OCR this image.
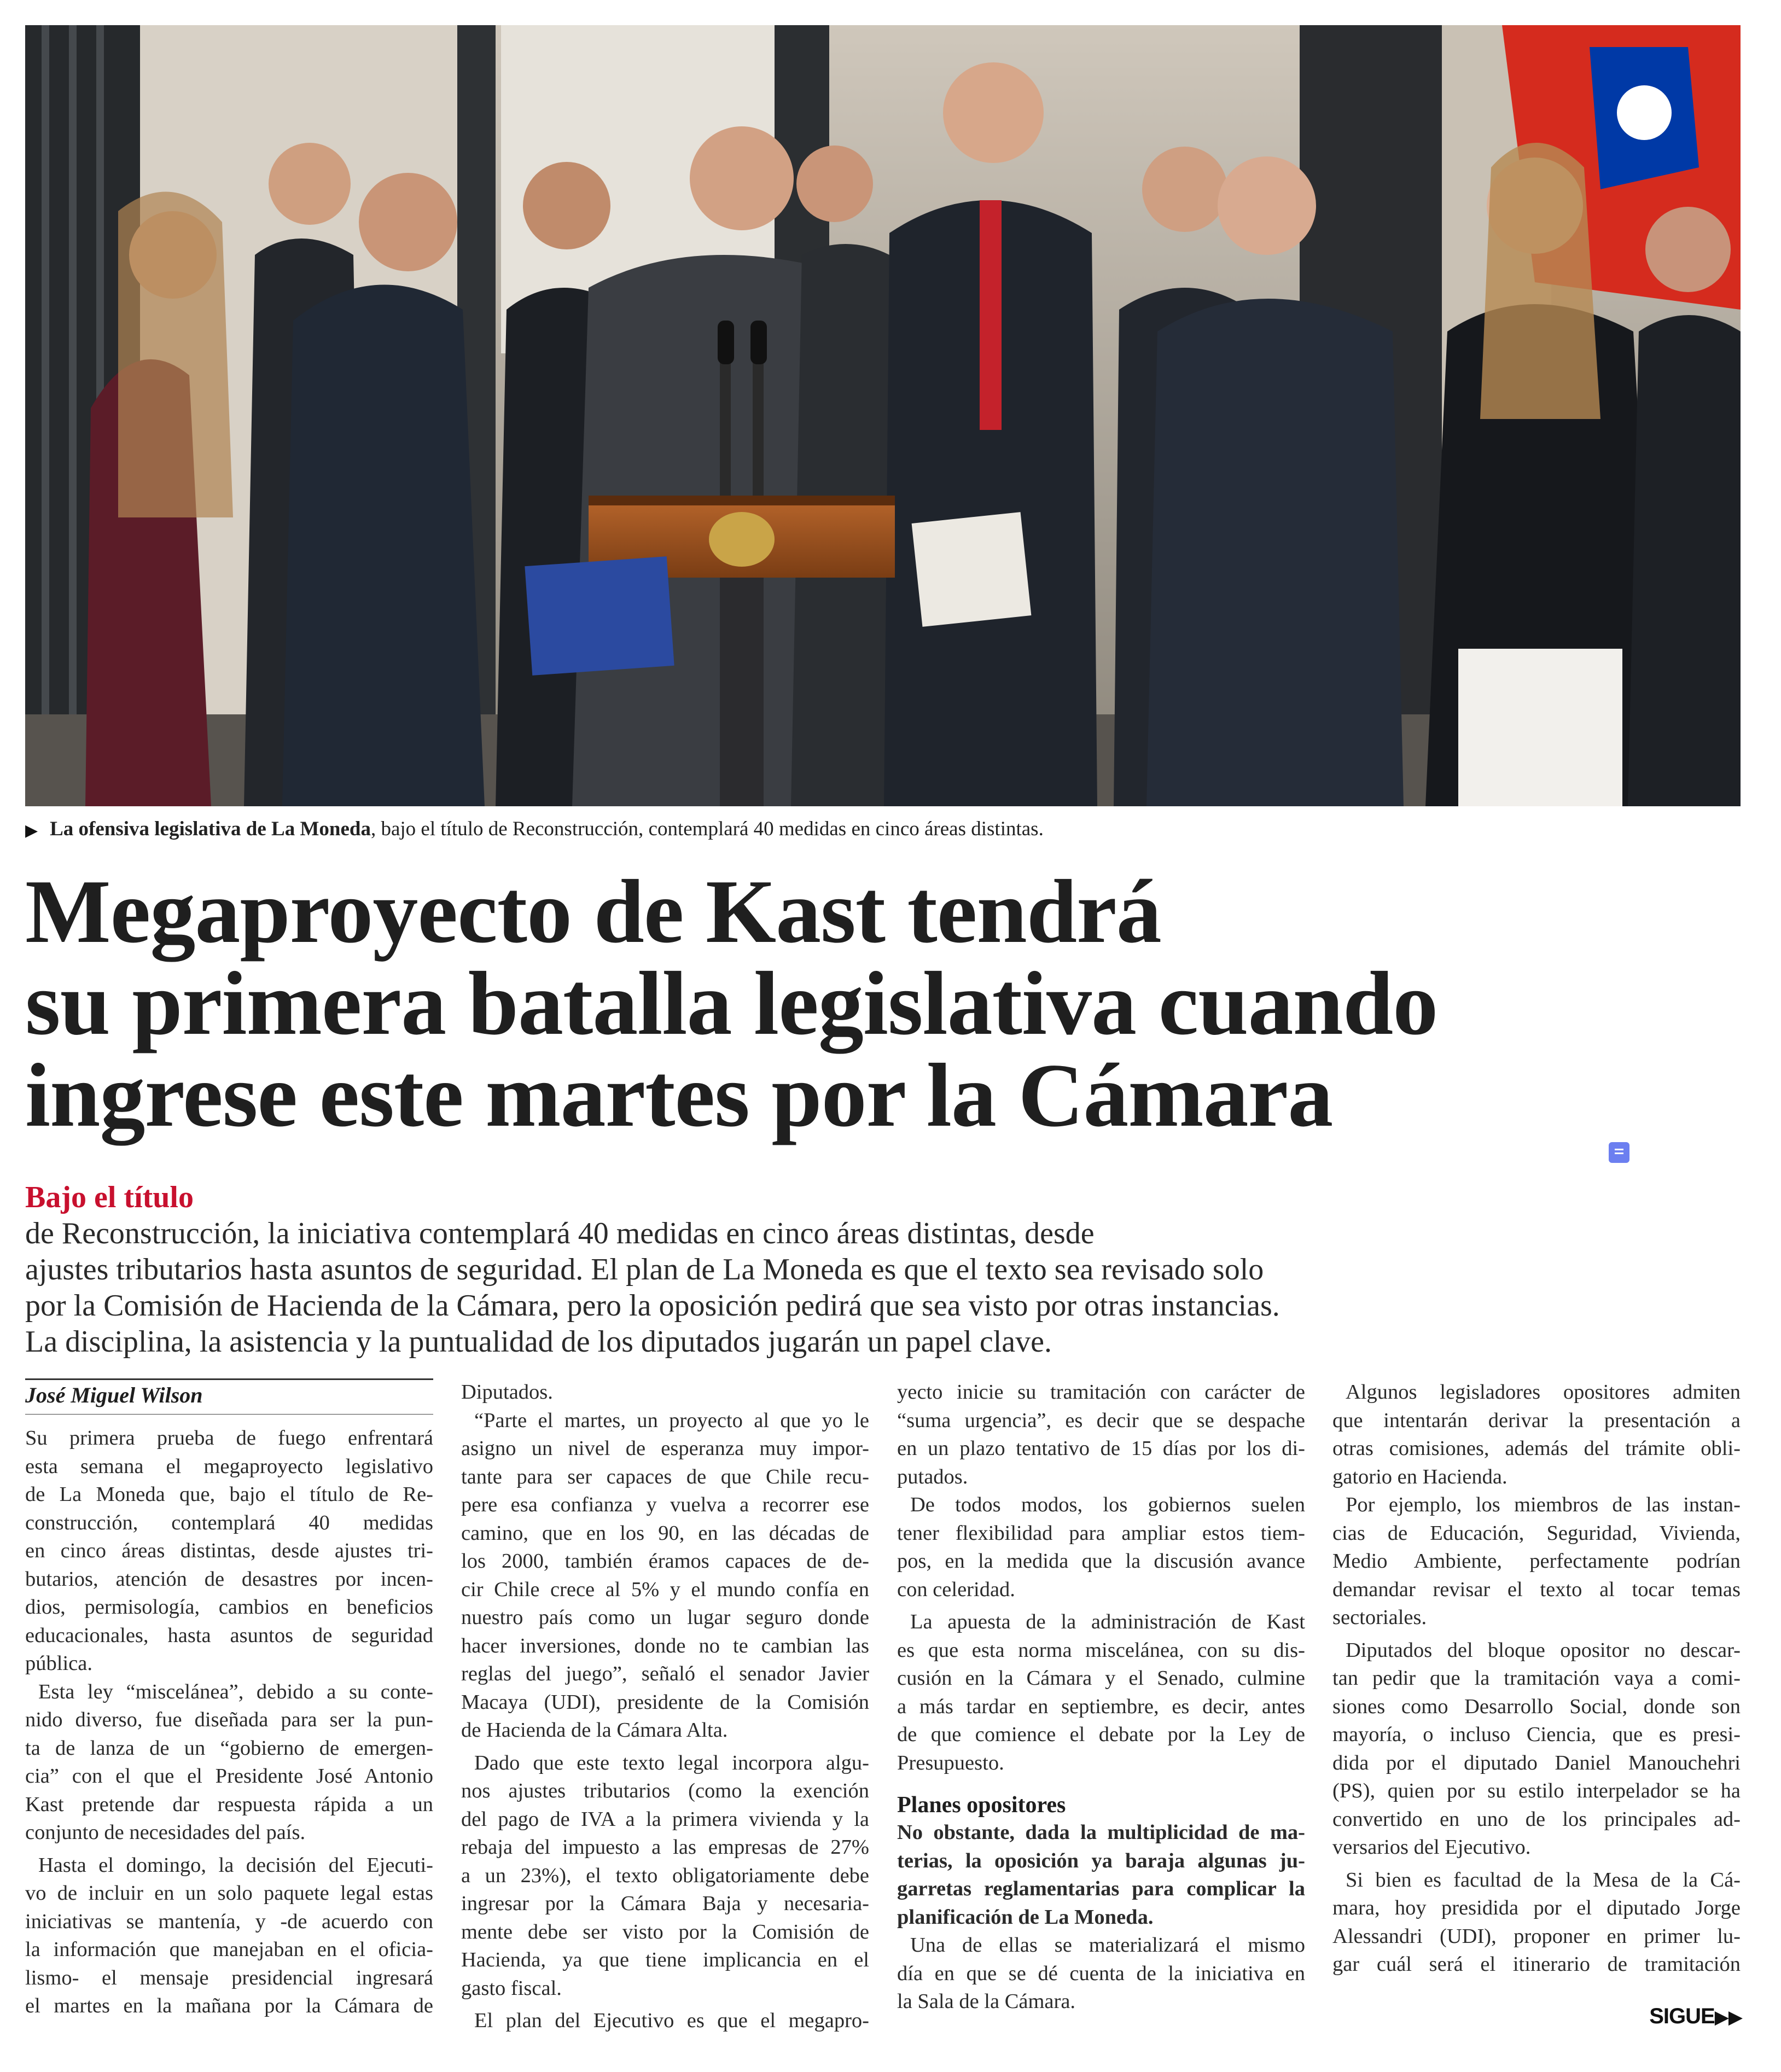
▶ La ofensiva legislativa de La Moneda, bajo el título de Reconstrucción, contemplará 40 medidas en cinco áreas distintas.
Megaproyecto de Kast tendrá
su primera batalla legislativa cuando
ingrese este martes por la Cámara
Bajo el título
de Reconstrucción, la iniciativa contemplará 40 medidas en cinco áreas distintas, desde
ajustes tributarios hasta asuntos de seguridad. El plan de La Moneda es que el texto sea revisado solo
por la Comisión de Hacienda de la Cámara, pero la oposición pedirá que sea visto por otras instancias.
La disciplina, la asistencia y la puntualidad de los diputados jugarán un papel clave.
José Miguel Wilson

Su primera prueba de fuego enfrentará
esta semana el megaproyecto legislativo
de La Moneda que, bajo el título de Re-
construcción, contemplará 40 medidas
en cinco áreas distintas, desde ajustes tri-
butarios, atención de desastres por incen-
dios, permisología, cambios en beneficios
educacionales, hasta asuntos de seguridad
pública.

Esta ley “miscelánea”, debido a su conte-
nido diverso, fue diseñada para ser la pun-
ta de lanza de un “gobierno de emergen-
cia” con el que el Presidente José Antonio
Kast pretende dar respuesta rápida a un
conjunto de necesidades del país.

Hasta el domingo, la decisión del Ejecuti-
vo de incluir en un solo paquete legal estas
iniciativas se mantenía, y -de acuerdo con
la información que manejaban en el oficia-
lismo- el mensaje presidencial ingresará
el martes en la mañana por la Cámara de

Diputados.

“Parte el martes, un proyecto al que yo le
asigno un nivel de esperanza muy impor-
tante para ser capaces de que Chile recu-
pere esa confianza y vuelva a recorrer ese
camino, que en los 90, en las décadas de
los 2000, también éramos capaces de de-
cir Chile crece al 5% y el mundo confía en
nuestro país como un lugar seguro donde
hacer inversiones, donde no te cambian las
reglas del juego”, señaló el senador Javier
Macaya (UDI), presidente de la Comisión
de Hacienda de la Cámara Alta.

Dado que este texto legal incorpora algu-
nos ajustes tributarios (como la exención
del pago de IVA a la primera vivienda y la
rebaja del impuesto a las empresas de 27%
a un 23%), el texto obligatoriamente debe
ingresar por la Cámara Baja y necesaria-
mente debe ser visto por la Comisión de
Hacienda, ya que tiene implicancia en el
gasto fiscal.

El plan del Ejecutivo es que el megapro-

yecto inicie su tramitación con carácter de
“suma urgencia”, es decir que se despache
en un plazo tentativo de 15 días por los di-
putados.

De todos modos, los gobiernos suelen
tener flexibilidad para ampliar estos tiem-
pos, en la medida que la discusión avance
con celeridad.

La apuesta de la administración de Kast
es que esta norma miscelánea, con su dis-
cusión en la Cámara y el Senado, culmine
a más tardar en septiembre, es decir, antes
de que comience el debate por la Ley de
Presupuesto.

Planes opositores

No obstante, dada la multiplicidad de ma-
terias, la oposición ya baraja algunas ju-
garretas reglamentarias para complicar la
planificación de La Moneda.

Una de ellas se materializará el mismo
día en que se dé cuenta de la iniciativa en
la Sala de la Cámara.

Algunos legisladores opositores admiten
que intentarán derivar la presentación a
otras comisiones, además del trámite obli-
gatorio en Hacienda.

Por ejemplo, los miembros de las instan-
cias de Educación, Seguridad, Vivienda,
Medio Ambiente, perfectamente podrían
demandar revisar el texto al tocar temas
sectoriales.

Diputados del bloque opositor no descar-
tan pedir que la tramitación vaya a comi-
siones como Desarrollo Social, donde son
mayoría, o incluso Ciencia, que es presi-
dida por el diputado Daniel Manouchehri
(PS), quien por su estilo interpelador se ha
convertido en uno de los principales ad-
versarios del Ejecutivo.

Si bien es facultad de la Mesa de la Cá-
mara, hoy presidida por el diputado Jorge
Alessandri (UDI), proponer en primer lu-
gar cuál será el itinerario de tramitación

SIGUE▶▶
